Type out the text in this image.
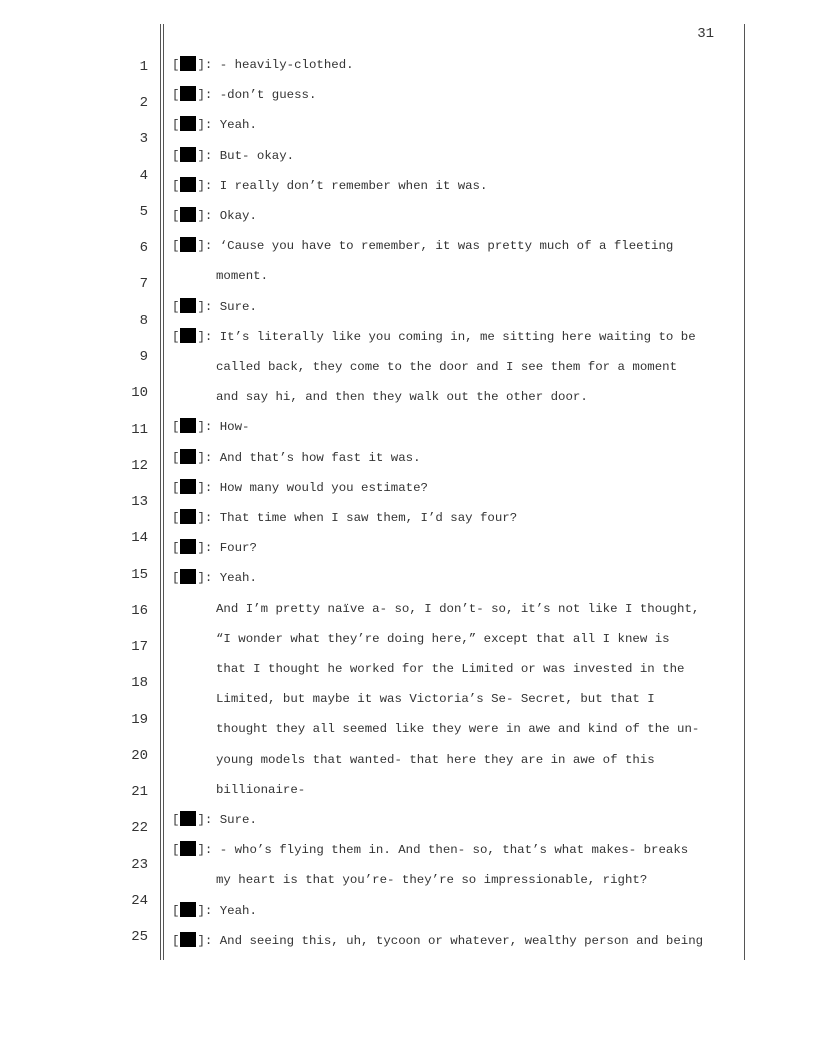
31
1
2
3
4
5
6
7
8
9
10
11
12
13
14
15
16
17
18
19
20
21
22
23
24
25
[ ]: - heavily-clothed.
[ ]: -don’t guess.
[ ]: Yeah.
[ ]: But- okay.
[ ]: I really don’t remember when it was.
[ ]: Okay.
[ ]: ‘Cause you have to remember, it was pretty much of a fleeting
moment.
[ ]: Sure.
[ ]: It’s literally like you coming in, me sitting here waiting to be
called back, they come to the door and I see them for a moment
and say hi, and then they walk out the other door.
[ ]: How-
[ ]: And that’s how fast it was.
[ ]: How many would you estimate?
[ ]: That time when I saw them, I’d say four?
[ ]: Four?
[ ]: Yeah.
And I’m pretty naïve a- so, I don’t- so, it’s not like I thought,
“I wonder what they’re doing here,” except that all I knew is
that I thought he worked for the Limited or was invested in the
Limited, but maybe it was Victoria’s Se- Secret, but that I
thought they all seemed like they were in awe and kind of the un-
young models that wanted- that here they are in awe of this
billionaire-
[ ]: Sure.
[ ]: - who’s flying them in. And then- so, that’s what makes- breaks
my heart is that you’re- they’re so impressionable, right?
[ ]: Yeah.
[ ]: And seeing this, uh, tycoon or whatever, wealthy person and being
